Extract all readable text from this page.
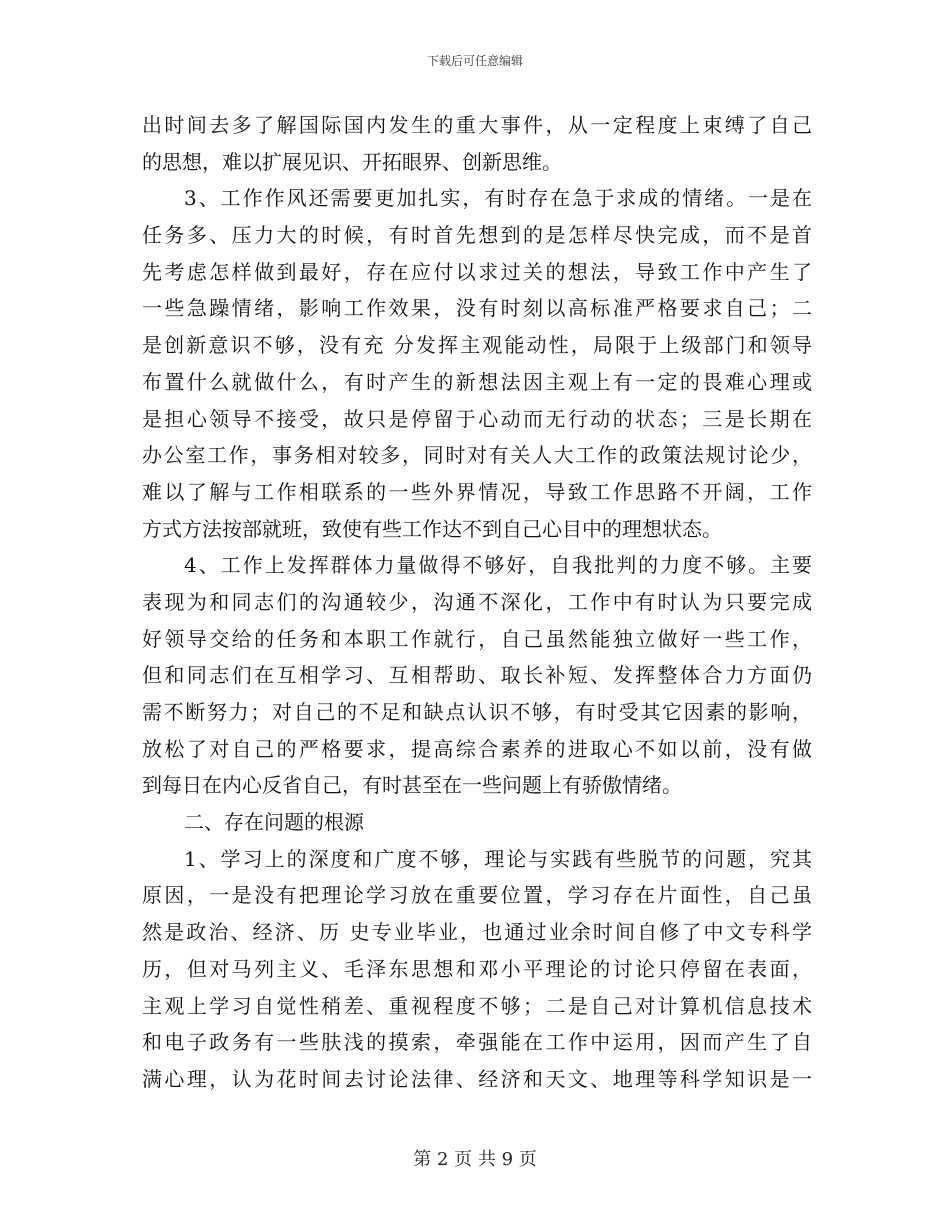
下载后可任意编辑
出时间去多了解国际国内发生的重大事件，从一定程度上束缚了自己
的思想，难以扩展见识、开拓眼界、创新思维。
3、工作作风还需要更加扎实，有时存在急于求成的情绪。一是在
任务多、压力大的时候，有时首先想到的是怎样尽快完成，而不是首
先考虑怎样做到最好，存在应付以求过关的想法，导致工作中产生了
一些急躁情绪，影响工作效果，没有时刻以高标准严格要求自己；二
是创新意识不够，没有充 分发挥主观能动性，局限于上级部门和领导
布置什么就做什么，有时产生的新想法因主观上有一定的畏难心理或
是担心领导不接受，故只是停留于心动而无行动的状态；三是长期在
办公室工作，事务相对较多，同时对有关人大工作的政策法规讨论少，
难以了解与工作相联系的一些外界情况，导致工作思路不开阔，工作
方式方法按部就班，致使有些工作达不到自己心目中的理想状态。
4、工作上发挥群体力量做得不够好，自我批判的力度不够。主要
表现为和同志们的沟通较少，沟通不深化，工作中有时认为只要完成
好领导交给的任务和本职工作就行，自己虽然能独立做好一些工作，
但和同志们在互相学习、互相帮助、取长补短、发挥整体合力方面仍
需不断努力；对自己的不足和缺点认识不够，有时受其它因素的影响，
放松了对自己的严格要求，提高综合素养的进取心不如以前，没有做
到每日在内心反省自己，有时甚至在一些问题上有骄傲情绪。
二、存在问题的根源
1、学习上的深度和广度不够，理论与实践有些脱节的问题，究其
原因，一是没有把理论学习放在重要位置，学习存在片面性，自己虽
然是政治、经济、历 史专业毕业，也通过业余时间自修了中文专科学
历，但对马列主义、毛泽东思想和邓小平理论的讨论只停留在表面，
主观上学习自觉性稍差、重视程度不够；二是自己对计算机信息技术
和电子政务有一些肤浅的摸索，牵强能在工作中运用，因而产生了自
满心理，认为花时间去讨论法律、经济和天文、地理等科学知识是一
第 2 页 共 9 页
